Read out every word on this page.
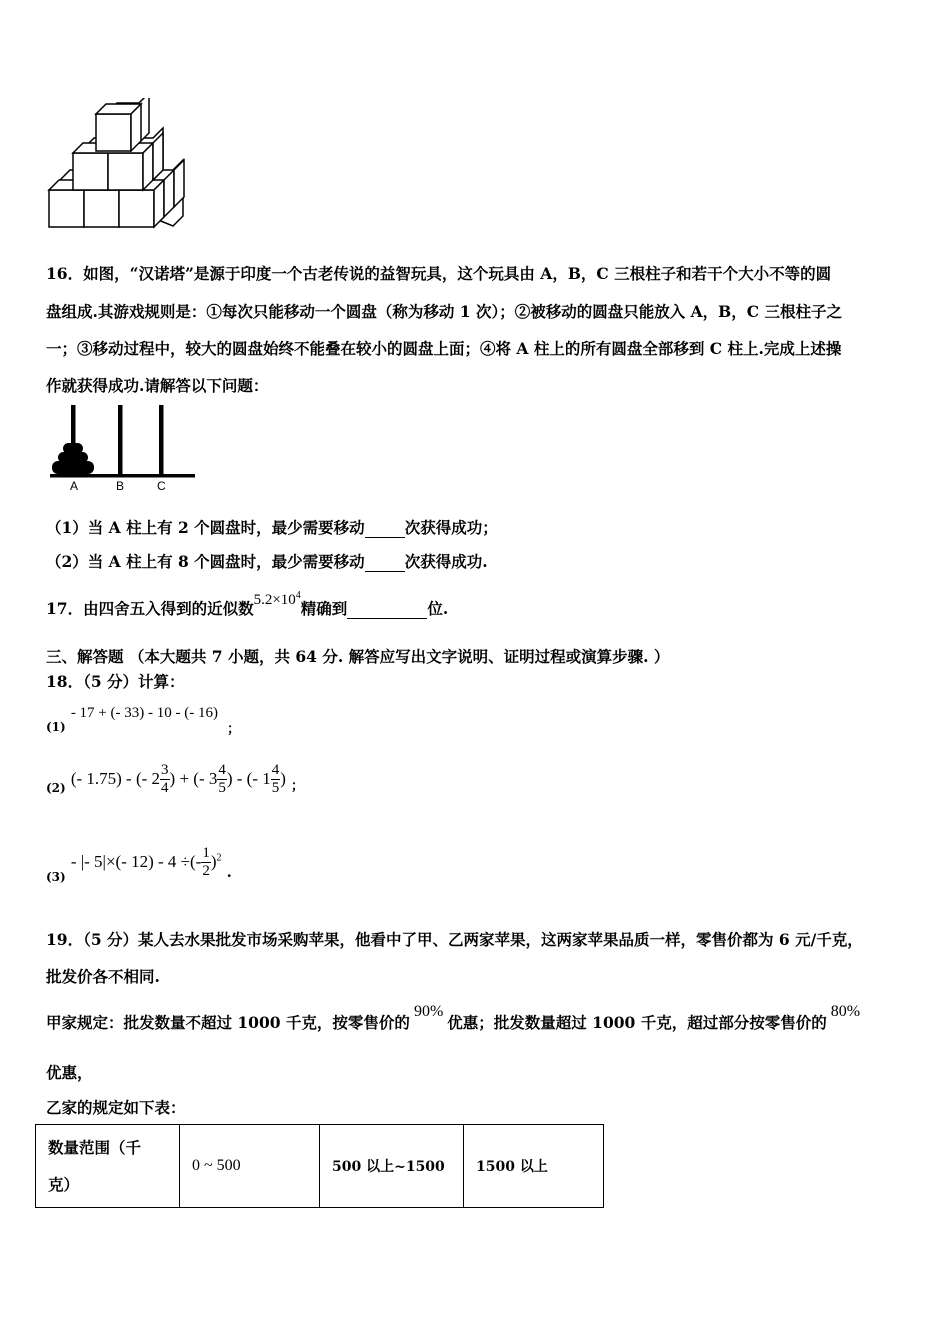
16．如图，“汉诺塔”是源于印度一个古老传说的益智玩具，这个玩具由 A，B，C 三根柱子和若干个大小不等的圆
盘组成.其游戏规则是：①每次只能移动一个圆盘（称为移动 1 次）；②被移动的圆盘只能放入 A，B，C 三根柱子之
一；③移动过程中，较大的圆盘始终不能叠在较小的圆盘上面；④将 A 柱上的所有圆盘全部移到 C 柱上.完成上述操
作就获得成功.请解答以下问题：
A	B	C
（1）当 A 柱上有 2 个圆盘时，最少需要移动	次获得成功；
（2）当 A 柱上有 8 个圆盘时，最少需要移动	次获得成功.
17．由四舍五入得到的近似数$5.2\times 10^4$精确到	位.
三、解答题 （本大题共 7 小题，共 64 分. 解答应写出文字说明、证明过程或演算步骤. ）
18．（5 分）计算：
$_{(1)}$ - 17 + (- 33) - 10 - (- 16) $_;$
$_{(2)}$ (- 1.75) - (- $2 \frac{3}{4}$ ) + (- $3 \frac{4}{5}$ ) - (- $1 \frac{4}{5}$ ) $_;$
$_{(3)}$ - |- 5|×(- 12) - 4 ÷(- $\frac{1}{2} )^2$ .
19．（5 分）某人去水果批发市场采购苹果，他看中了甲、乙两家苹果，这两家苹果品质一样，零售价都为 6 元/千克，
批发价各不相同.
甲家规定：批发数量不超过 1000 千克，按零售价的90%优惠；批发数量超过 1000 千克，超过部分按零售价的80%
优惠，
乙家的规定如下表：
数量范围（千
克）
	0 ~ 500	500 以上~1500	1500 以上
